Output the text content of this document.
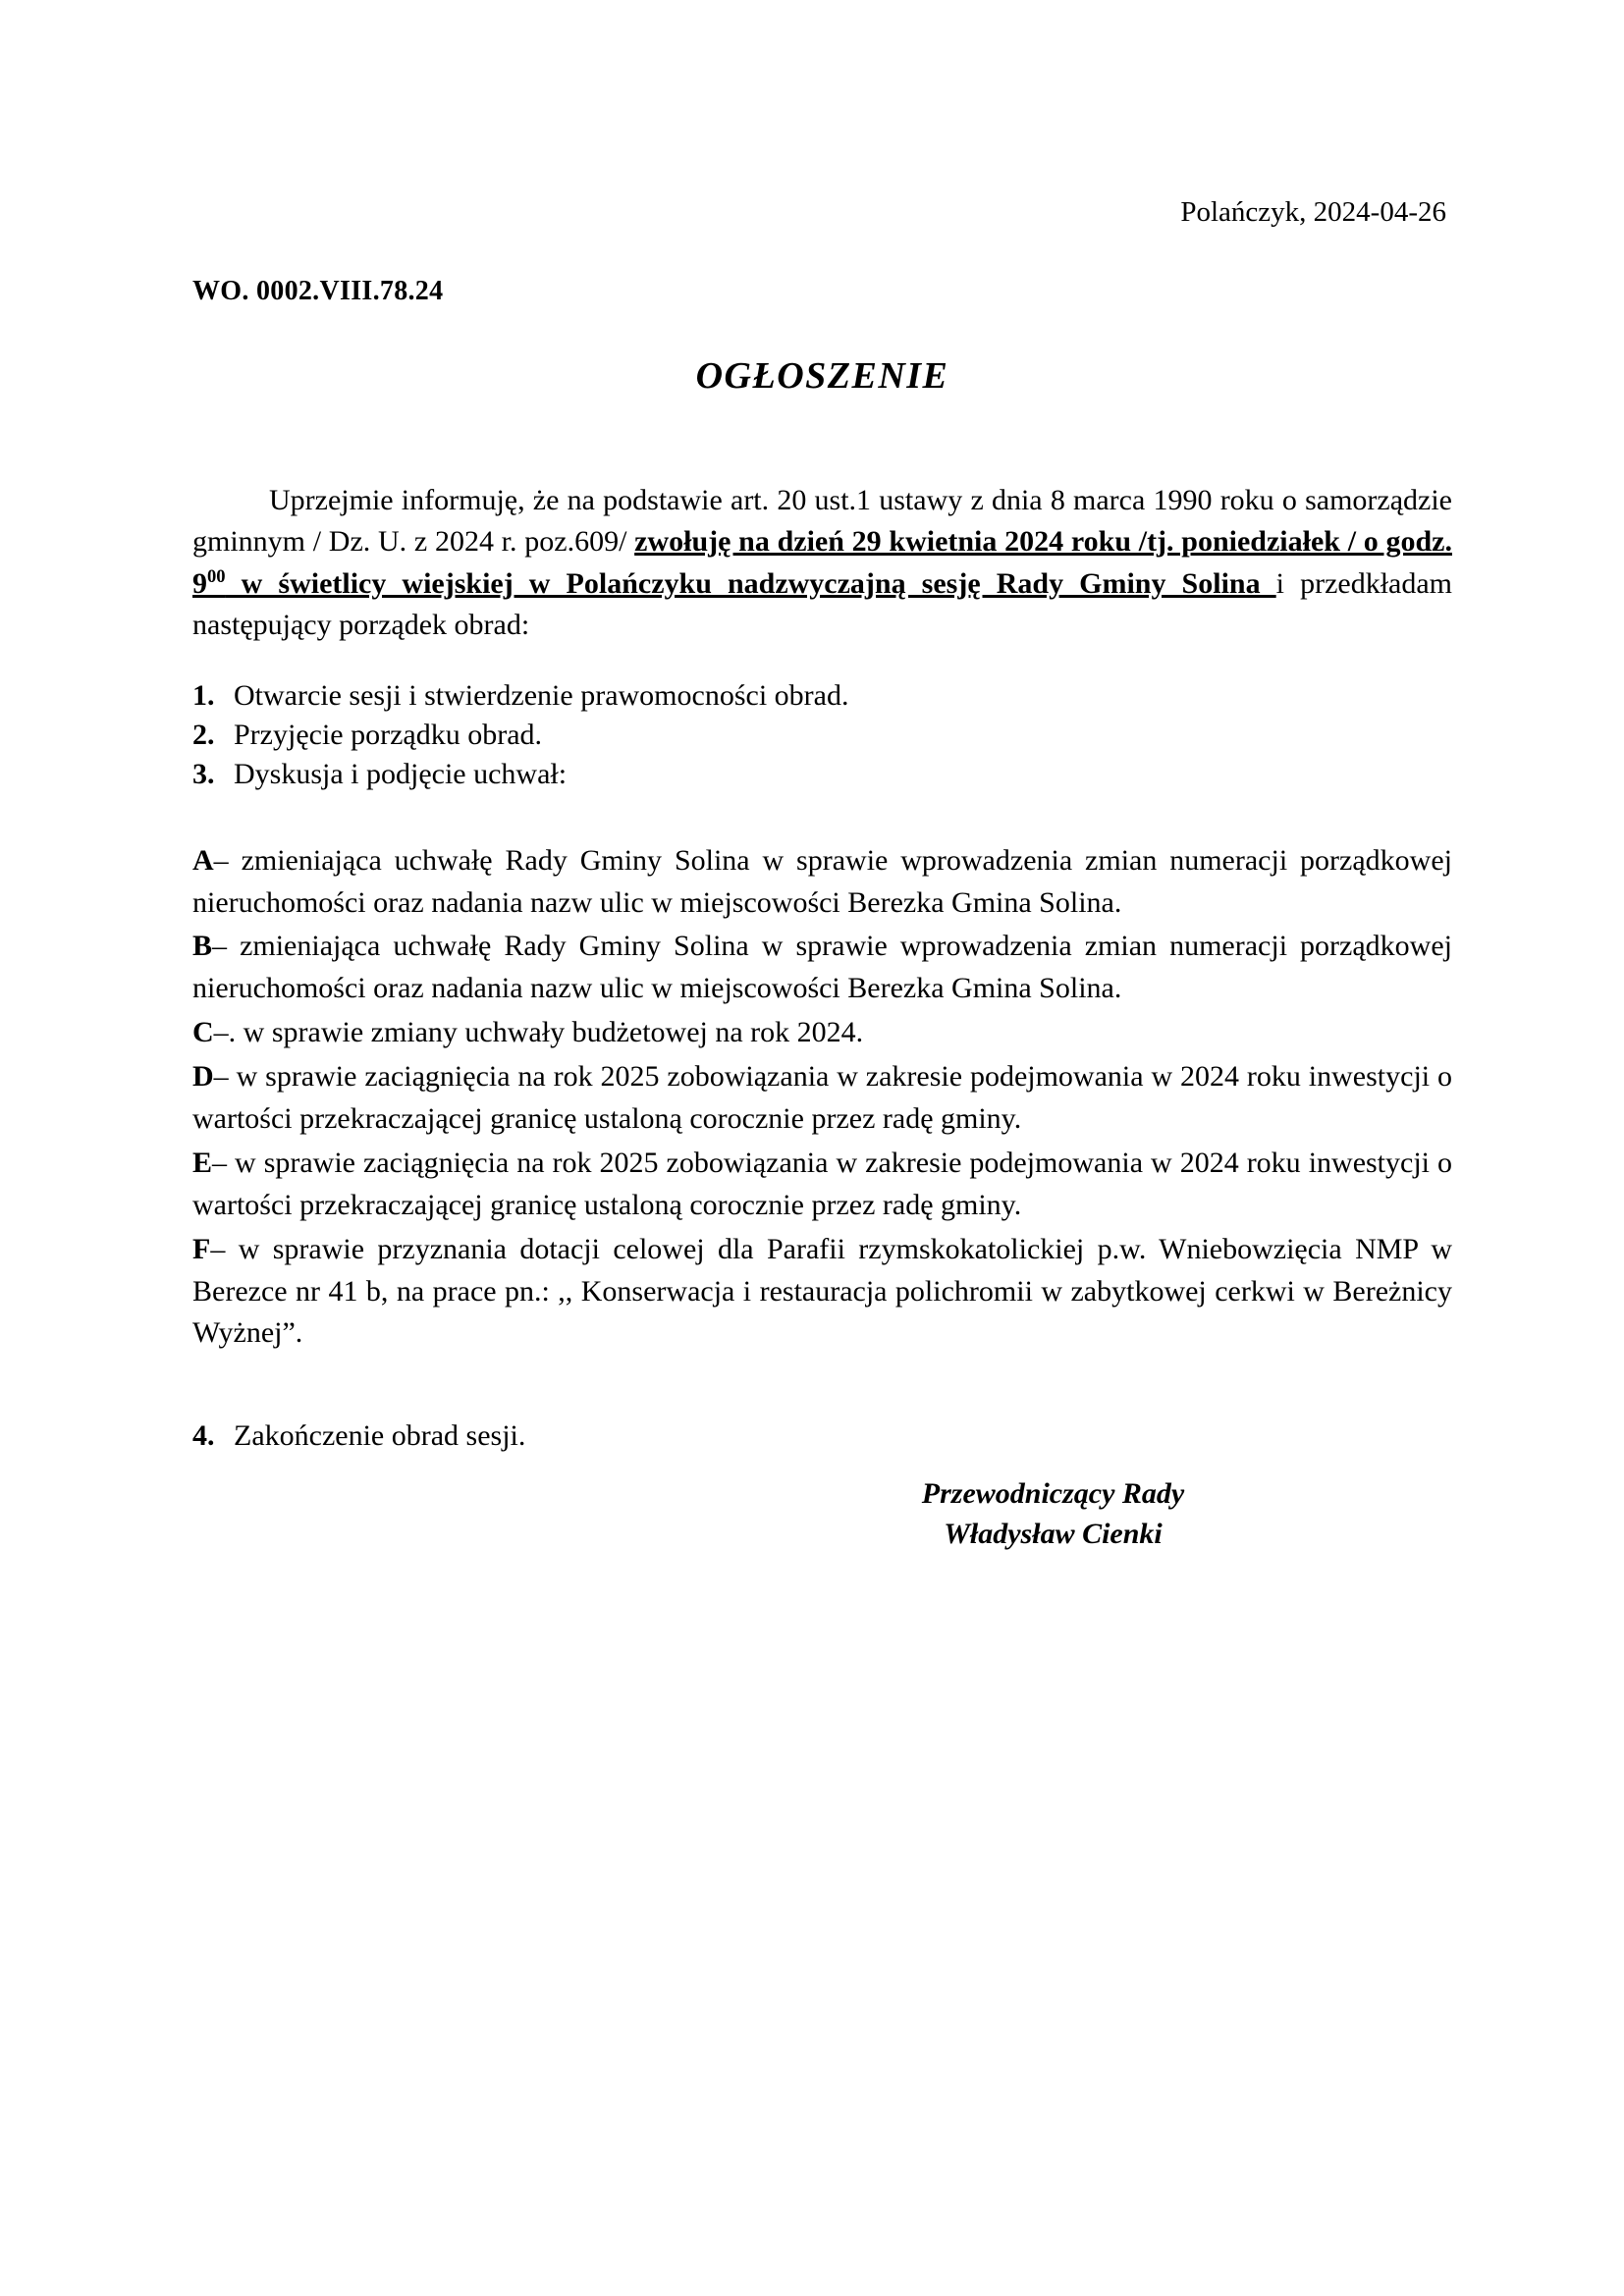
Polańczyk, 2024-04-26
WO. 0002.VIII.78.24
OGŁOSZENIE
Uprzejmie informuję, że na podstawie art. 20 ust.1 ustawy z dnia 8 marca 1990 roku o samorządzie gminnym / Dz. U. z 2024 r. poz.609/ zwołuję na dzień 29 kwietnia 2024 roku /tj. poniedziałek / o godz. $9^{00}$ w świetlicy wiejskiej w Polańczyku nadzwyczajną sesję Rady Gminy Solina i przedkładam następujący porządek obrad:
1. Otwarcie sesji i stwierdzenie prawomocności obrad.
2. Przyjęcie porządku obrad.
3. Dyskusja i podjęcie uchwał:
A– zmieniająca uchwałę Rady Gminy Solina w sprawie wprowadzenia zmian numeracji porządkowej nieruchomości oraz nadania nazw ulic w miejscowości Berezka Gmina Solina.
B– zmieniająca uchwałę Rady Gminy Solina w sprawie wprowadzenia zmian numeracji porządkowej nieruchomości oraz nadania nazw ulic w miejscowości Berezka Gmina Solina.
C–. w sprawie zmiany uchwały budżetowej na rok 2024.
D– w sprawie zaciągnięcia na rok 2025 zobowiązania w zakresie podejmowania w 2024 roku inwestycji o wartości przekraczającej granicę ustaloną corocznie przez radę gminy.
E– w sprawie zaciągnięcia na rok 2025 zobowiązania w zakresie podejmowania w 2024 roku inwestycji o wartości przekraczającej granicę ustaloną corocznie przez radę gminy.
F– w sprawie przyznania dotacji celowej dla Parafii rzymskokatolickiej p.w. Wniebowzięcia NMP w Berezce nr 41 b, na prace pn.: ,, Konserwacja i restauracja polichromii w zabytkowej cerkwi w Bereżnicy Wyżnej”.
4. Zakończenie obrad sesji.
Przewodniczący Rady
Władysław Cienki
